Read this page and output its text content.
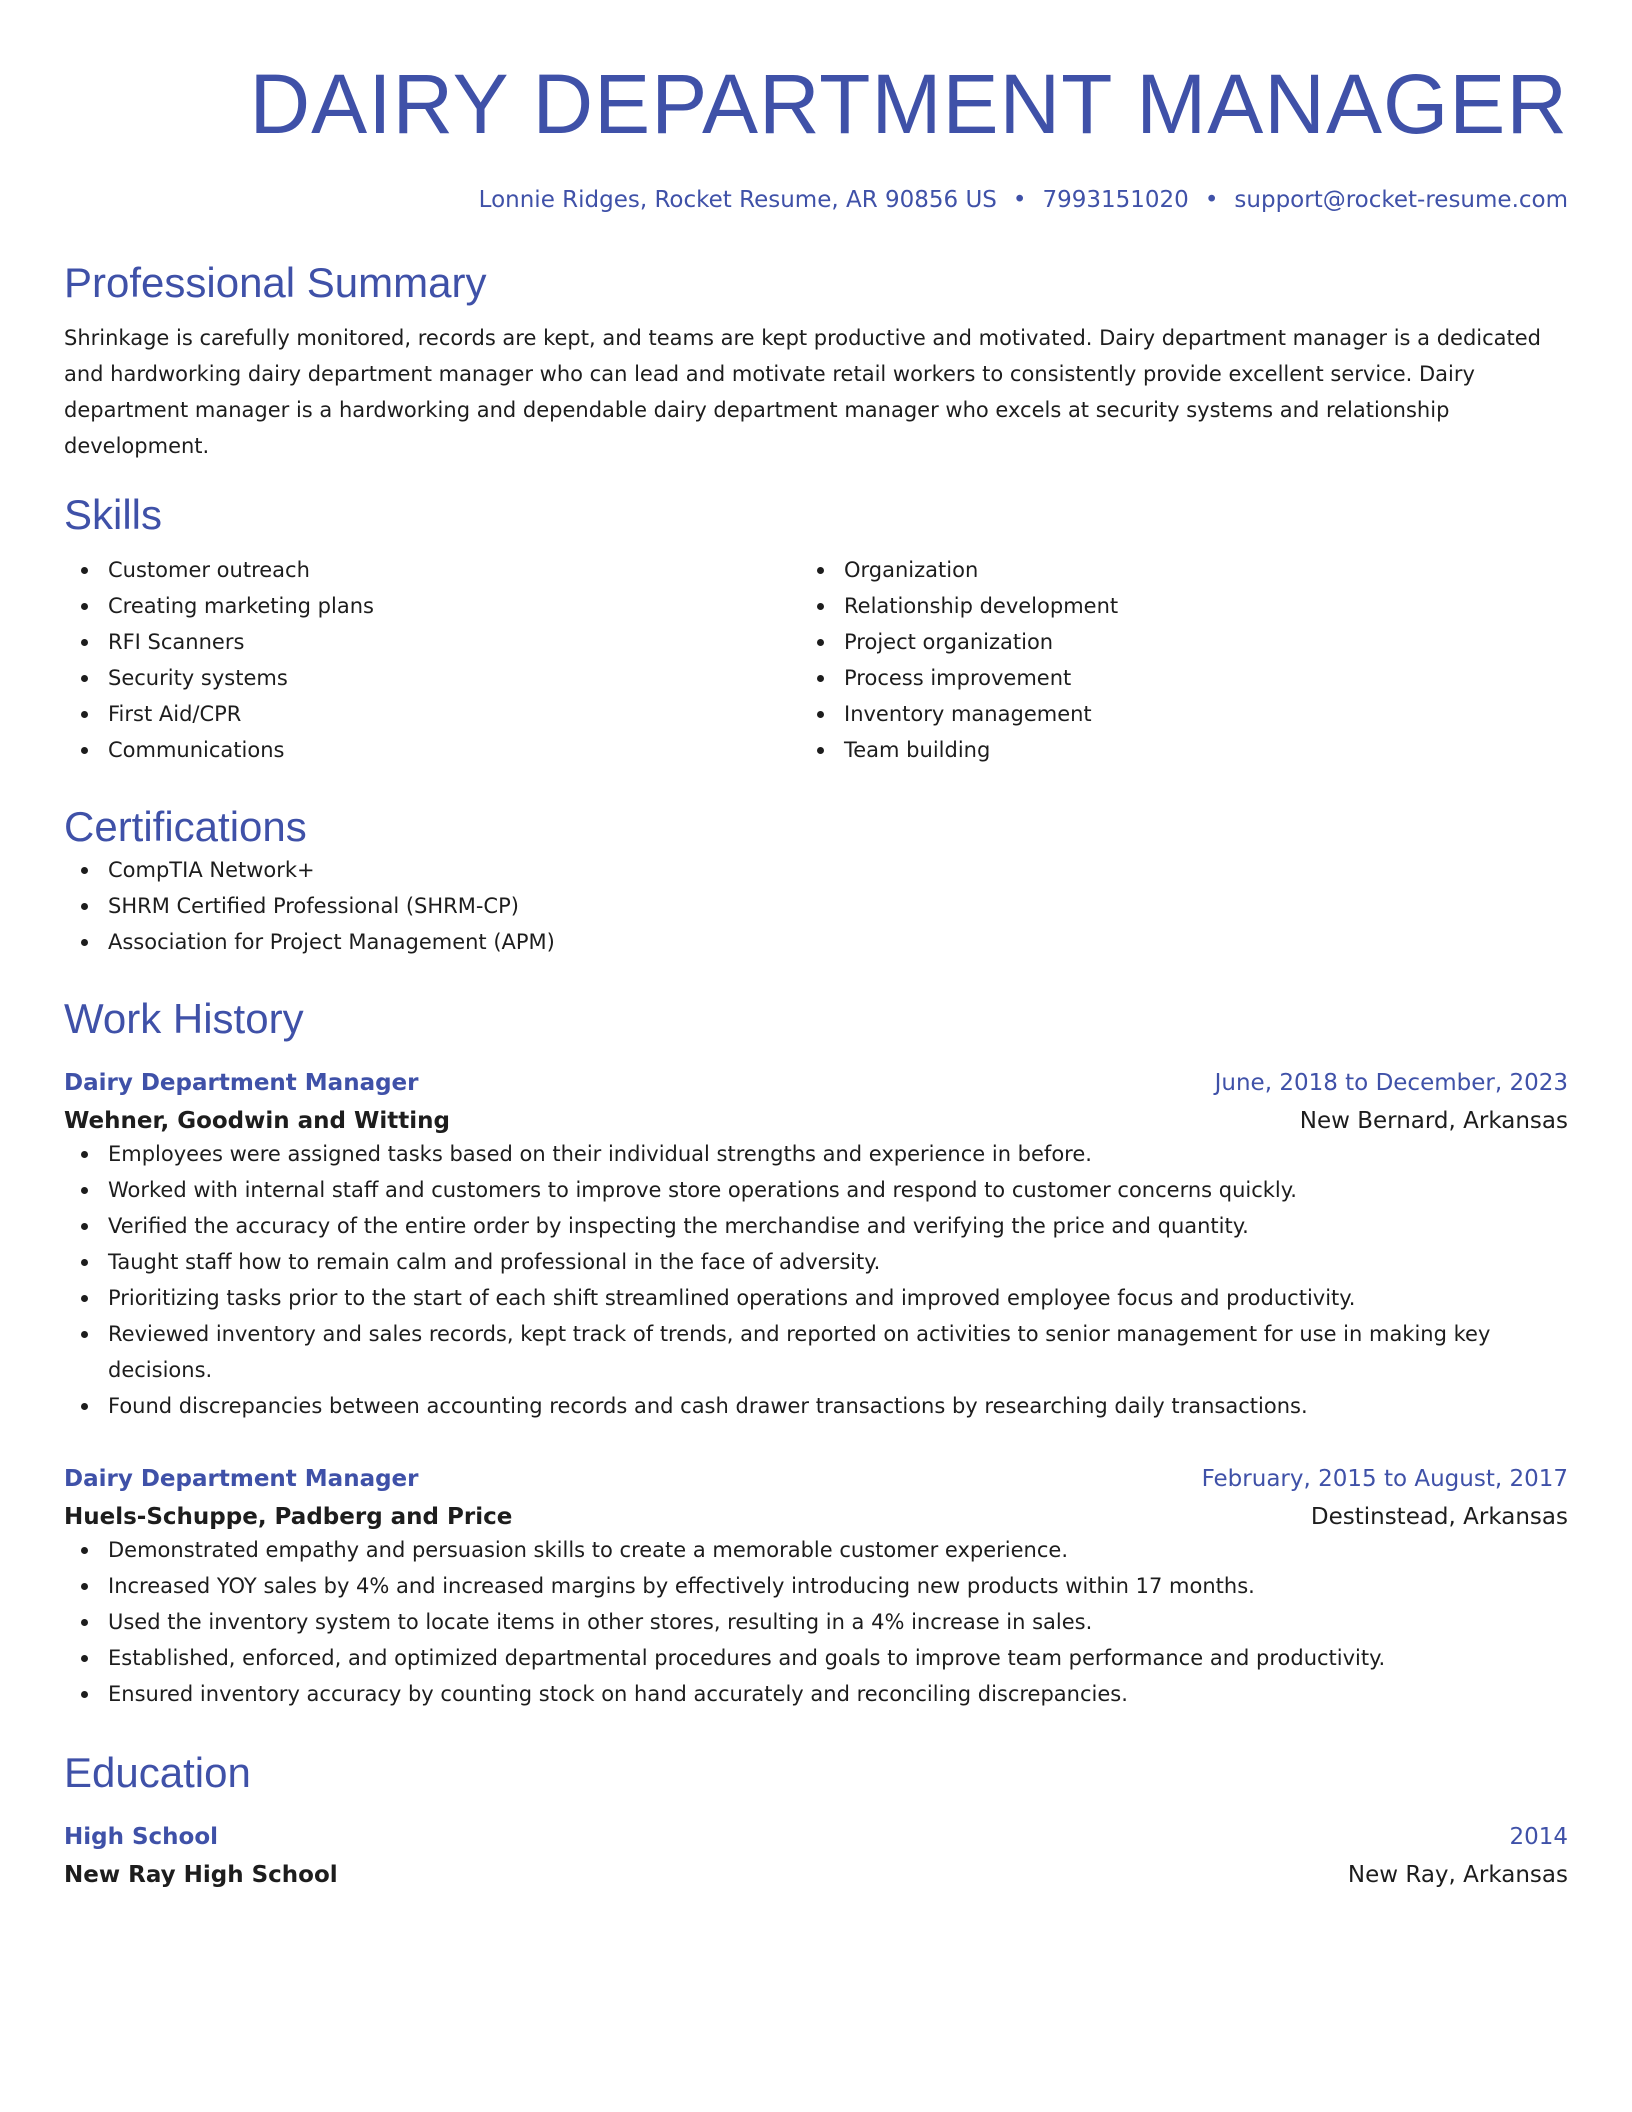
DAIRY DEPARTMENT MANAGER
Lonnie Ridges, Rocket Resume, AR 90856 US • 7993151020 • support@rocket-resume.com
Professional Summary

Shrinkage is carefully monitored, records are kept, and teams are kept productive and motivated. Dairy department manager is a dedicated and hardworking dairy department manager who can lead and motivate retail workers to consistently provide excellent service. Dairy department manager is a hardworking and dependable dairy department manager who excels at security systems and relationship development.

Skills
Customer outreach
Creating marketing plans
RFI Scanners
Security systems
First Aid/CPR
Communications
Organization
Relationship development
Project organization
Process improvement
Inventory management
Team building
Certifications
CompTIA Network+
SHRM Certified Professional (SHRM-CP)
Association for Project Management (APM)
Work History
Dairy Department Manager	June, 2018 to December, 2023
Wehner, Goodwin and Witting	New Bernard, Arkansas
Employees were assigned tasks based on their individual strengths and experience in before.
Worked with internal staff and customers to improve store operations and respond to customer concerns quickly.
Verified the accuracy of the entire order by inspecting the merchandise and verifying the price and quantity.
Taught staff how to remain calm and professional in the face of adversity.
Prioritizing tasks prior to the start of each shift streamlined operations and improved employee focus and productivity.
Reviewed inventory and sales records, kept track of trends, and reported on activities to senior management for use in making key decisions.
Found discrepancies between accounting records and cash drawer transactions by researching daily transactions.
Dairy Department Manager	February, 2015 to August, 2017
Huels-Schuppe, Padberg and Price	Destinstead, Arkansas
Demonstrated empathy and persuasion skills to create a memorable customer experience.
Increased YOY sales by 4% and increased margins by effectively introducing new products within 17 months.
Used the inventory system to locate items in other stores, resulting in a 4% increase in sales.
Established, enforced, and optimized departmental procedures and goals to improve team performance and productivity.
Ensured inventory accuracy by counting stock on hand accurately and reconciling discrepancies.
Education
High School	2014
New Ray High School	New Ray, Arkansas
